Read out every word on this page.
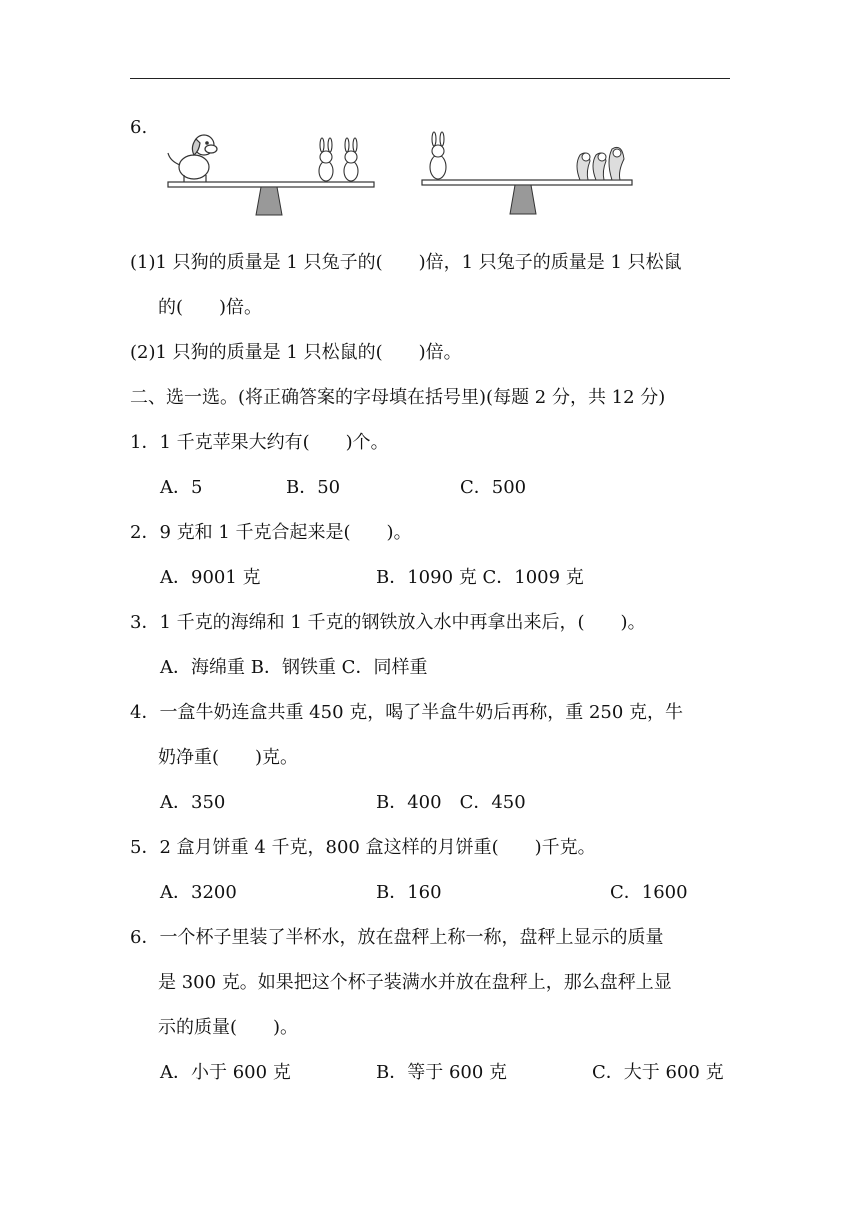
6.
(1)1 只狗的质量是 1 只兔子的(　　)倍，1 只兔子的质量是 1 只松鼠
的(　　)倍。
(2)1 只狗的质量是 1 只松鼠的(　　)倍。
二、选一选。(将正确答案的字母填在括号里)(每题 2 分，共 12 分)
1．1 千克苹果大约有(　　)个。
A．5	B．50	C．500
2．9 克和 1 千克合起来是(　　)。
A．9001 克	B．1090 克 C．1009 克
3．1 千克的海绵和 1 千克的钢铁放入水中再拿出来后，(　　)。
A．海绵重 B．钢铁重 C．同样重
4．一盒牛奶连盒共重 450 克，喝了半盒牛奶后再称，重 250 克，牛
奶净重(　　)克。
A．350	B．400　C．450
5．2 盒月饼重 4 千克，800 盒这样的月饼重(　　)千克。
A．3200	B．160	C．1600
6．一个杯子里装了半杯水，放在盘秤上称一称，盘秤上显示的质量
是 300 克。如果把这个杯子装满水并放在盘秤上，那么盘秤上显
示的质量(　　)。
A．小于 600 克	B．等于 600 克	C．大于 600 克
